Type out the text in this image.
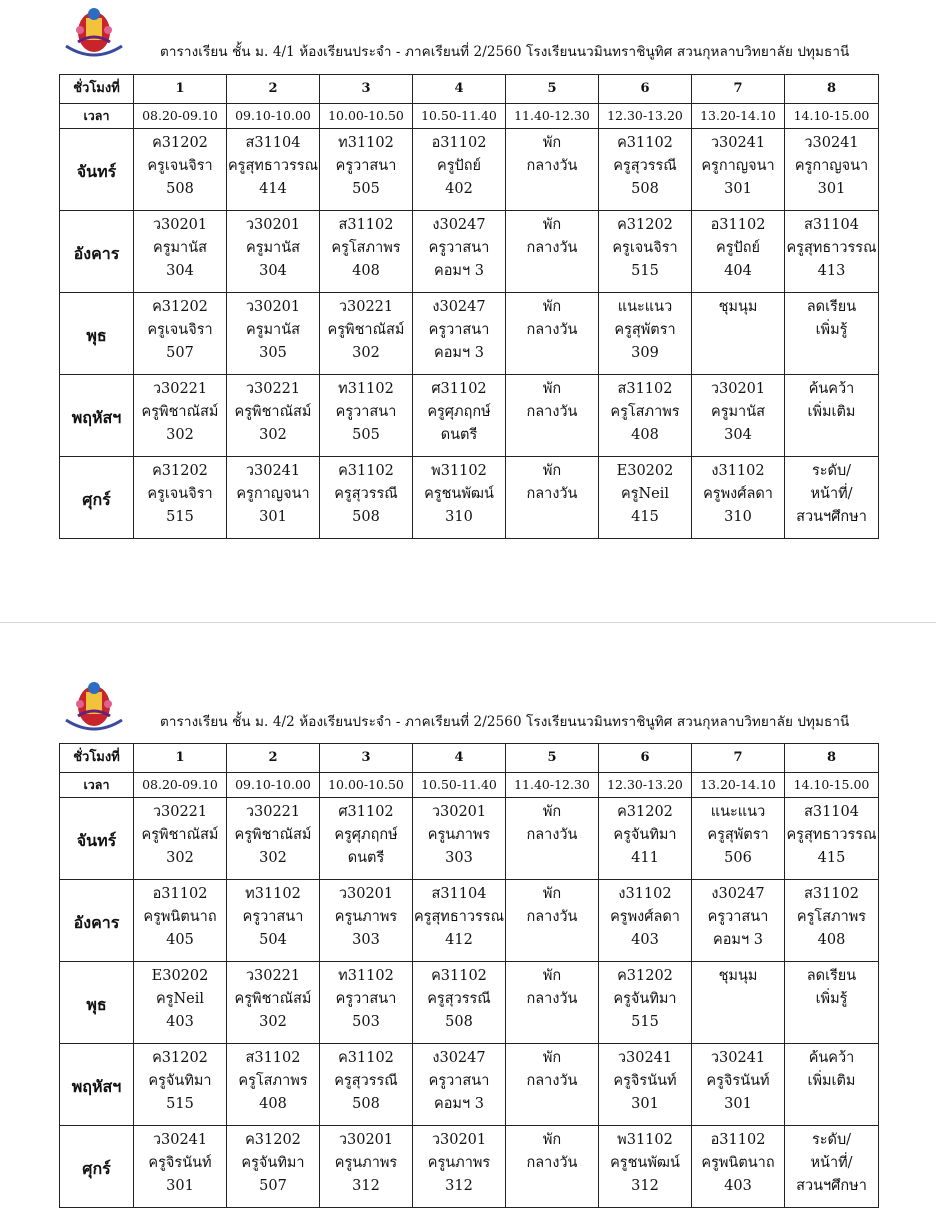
ตารางเรียน ชั้น ม. 4/1 ห้องเรียนประจำ - ภาคเรียนที่ 2/2560 โรงเรียนนวมินทราชินูทิศ สวนกุหลาบวิทยาลัย ปทุมธานี
ชั่วโมงที่	1	2	3	4	5	6	7	8
เวลา	08.20-09.10	09.10-10.00	10.00-10.50	10.50-11.40	11.40-12.30	12.30-13.20	13.20-14.10	14.10-15.00
จันทร์	ค31202
ครูเจนจิรา
508	ส31104
ครูสุทธาวรรณ
414	ท31102
ครูวาสนา
505	อ31102
ครูปัถย์
402	พัก
กลางวัน	ค31102
ครูสุวรรณี
508	ว30241
ครูกาญจนา
301	ว30241
ครูกาญจนา
301

อังคาร	ว30201
ครูมานัส
304	ว30201
ครูมานัส
304	ส31102
ครูโสภาพร
408	ง30247
ครูวาสนา
คอมฯ 3	พัก
กลางวัน	ค31202
ครูเจนจิรา
515	อ31102
ครูปัถย์
404	ส31104
ครูสุทธาวรรณ
413

พุธ	ค31202
ครูเจนจิรา
507	ว30201
ครูมานัส
305	ว30221
ครูพิชาณัสม์
302	ง30247
ครูวาสนา
คอมฯ 3	พัก
กลางวัน	แนะแนว
ครูสุพัตรา
309	ชุมนุม	ลดเรียน
เพิ่มรู้

พฤหัสฯ	ว30221
ครูพิชาณัสม์
302	ว30221
ครูพิชาณัสม์
302	ท31102
ครูวาสนา
505	ศ31102
ครูศุภฤกษ์
ดนตรี	พัก
กลางวัน	ส31102
ครูโสภาพร
408	ว30201
ครูมานัส
304	ค้นคว้า
เพิ่มเติม

ศุกร์	ค31202
ครูเจนจิรา
515	ว30241
ครูกาญจนา
301	ค31102
ครูสุวรรณี
508	พ31102
ครูชนพัฒน์
310	พัก
กลางวัน	E30202
ครูNeil
415	ง31102
ครูพงศ์ลดา
310	ระดับ/
หน้าที่/
สวนฯศึกษา
ตารางเรียน ชั้น ม. 4/2 ห้องเรียนประจำ - ภาคเรียนที่ 2/2560 โรงเรียนนวมินทราชินูทิศ สวนกุหลาบวิทยาลัย ปทุมธานี
ชั่วโมงที่	1	2	3	4	5	6	7	8
เวลา	08.20-09.10	09.10-10.00	10.00-10.50	10.50-11.40	11.40-12.30	12.30-13.20	13.20-14.10	14.10-15.00
จันทร์	ว30221
ครูพิชาณัสม์
302	ว30221
ครูพิชาณัสม์
302	ศ31102
ครูศุภฤกษ์
ดนตรี	ว30201
ครูนภาพร
303	พัก
กลางวัน	ค31202
ครูจันทิมา
411	แนะแนว
ครูสุพัตรา
506	ส31104
ครูสุทธาวรรณ
415

อังคาร	อ31102
ครูพนิตนาถ
405	ท31102
ครูวาสนา
504	ว30201
ครูนภาพร
303	ส31104
ครูสุทธาวรรณ
412	พัก
กลางวัน	ง31102
ครูพงศ์ลดา
403	ง30247
ครูวาสนา
คอมฯ 3	ส31102
ครูโสภาพร
408

พุธ	E30202
ครูNeil
403	ว30221
ครูพิชาณัสม์
302	ท31102
ครูวาสนา
503	ค31102
ครูสุวรรณี
508	พัก
กลางวัน	ค31202
ครูจันทิมา
515	ชุมนุม	ลดเรียน
เพิ่มรู้

พฤหัสฯ	ค31202
ครูจันทิมา
515	ส31102
ครูโสภาพร
408	ค31102
ครูสุวรรณี
508	ง30247
ครูวาสนา
คอมฯ 3	พัก
กลางวัน	ว30241
ครูจิรนันท์
301	ว30241
ครูจิรนันท์
301	ค้นคว้า
เพิ่มเติม

ศุกร์	ว30241
ครูจิรนันท์
301	ค31202
ครูจันทิมา
507	ว30201
ครูนภาพร
312	ว30201
ครูนภาพร
312	พัก
กลางวัน	พ31102
ครูชนพัฒน์
312	อ31102
ครูพนิตนาถ
403	ระดับ/
หน้าที่/
สวนฯศึกษา
